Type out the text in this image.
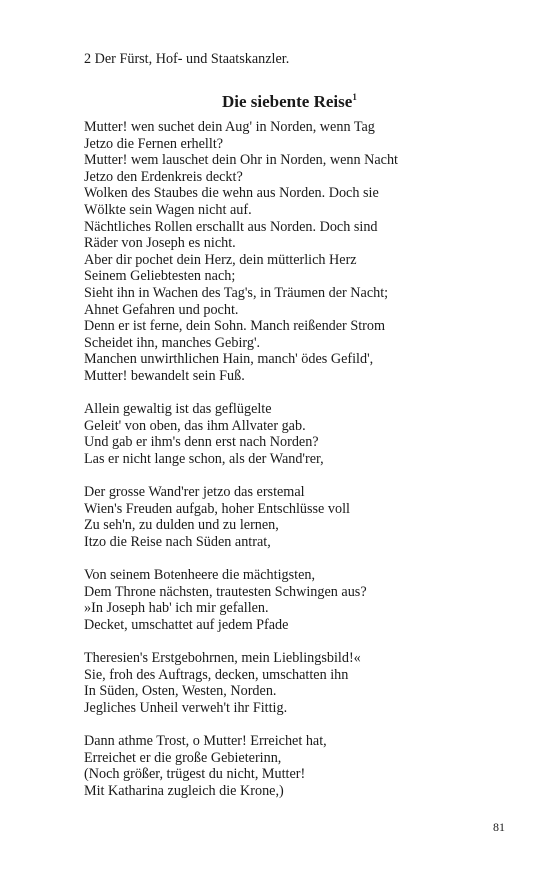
2 Der Fürst, Hof- und Staatskanzler.
Die siebente Reise$^1$
Mutter! wen suchet dein Aug' in Norden, wenn Tag
Jetzo die Fernen erhellt?
Mutter! wem lauschet dein Ohr in Norden, wenn Nacht
Jetzo den Erdenkreis deckt?
Wolken des Staubes die wehn aus Norden. Doch sie
Wölkte sein Wagen nicht auf.
Nächtliches Rollen erschallt aus Norden. Doch sind
Räder von Joseph es nicht.
Aber dir pochet dein Herz, dein mütterlich Herz
Seinem Geliebtesten nach;
Sieht ihn in Wachen des Tag's, in Träumen der Nacht;
Ahnet Gefahren und pocht.
Denn er ist ferne, dein Sohn. Manch reißender Strom
Scheidet ihn, manches Gebirg'.
Manchen unwirthlichen Hain, manch' ödes Gefild',
Mutter! bewandelt sein Fuß.
Allein gewaltig ist das geflügelte
Geleit' von oben, das ihm Allvater gab.
Und gab er ihm's denn erst nach Norden?
Las er nicht lange schon, als der Wand'rer,
Der grosse Wand'rer jetzo das erstemal
Wien's Freuden aufgab, hoher Entschlüsse voll
Zu seh'n, zu dulden und zu lernen,
Itzo die Reise nach Süden antrat,
Von seinem Botenheere die mächtigsten,
Dem Throne nächsten, trautesten Schwingen aus?
»In Joseph hab' ich mir gefallen.
Decket, umschattet auf jedem Pfade
Theresien's Erstgebohrnen, mein Lieblingsbild!«
Sie, froh des Auftrags, decken, umschatten ihn
In Süden, Osten, Westen, Norden.
Jegliches Unheil verweh't ihr Fittig.
Dann athme Trost, o Mutter! Erreichet hat,
Erreichet er die große Gebieterinn,
(Noch größer, trügest du nicht, Mutter!
Mit Katharina zugleich die Krone,)
81
